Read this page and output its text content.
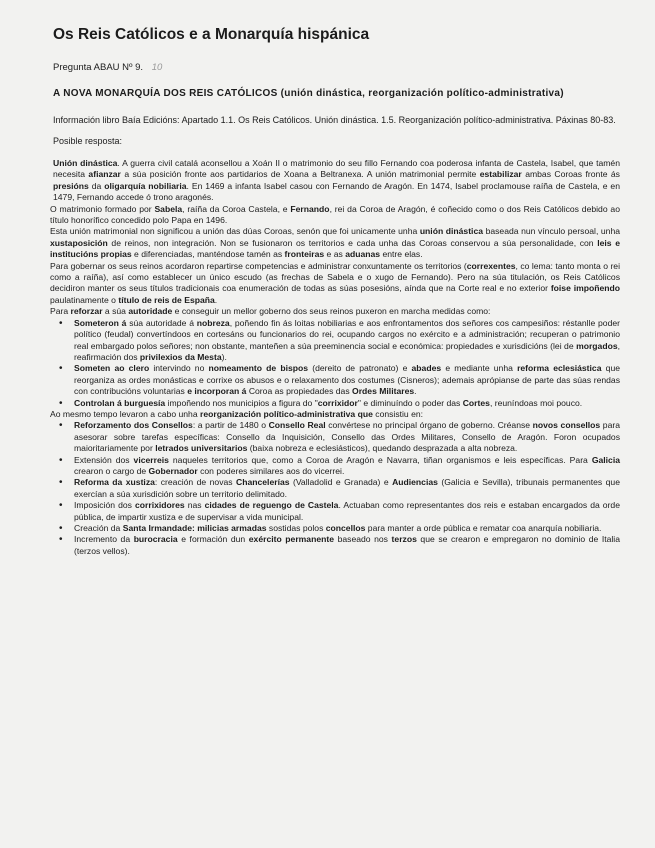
Os Reis Católicos e a Monarquía hispánica
Pregunta ABAU Nº 9. 10
A NOVA MONARQUÍA DOS REIS CATÓLICOS (unión dinástica, reorganización político-administrativa)
Información libro Baía Edicións: Apartado 1.1. Os Reis Católicos. Unión dinástica. 1.5. Reorganización político-administrativa. Páxinas 80-83.
Posible resposta:
Unión dinástica. A guerra civil catalá aconsellou a Xoán II o matrimonio do seu fillo Fernando coa poderosa infanta de Castela, Isabel, que tamén necesita afianzar a súa posición fronte aos partidarios de Xoana a Beltranexa. A unión matrimonial permite estabilizar ambas Coroas fronte ás presións da oligarquía nobiliaria. En 1469 a infanta Isabel casou con Fernando de Aragón. En 1474, Isabel proclamouse raíña de Castela, e en 1479, Fernando accede ó trono aragonés.
O matrimonio formado por Sabela, raíña da Coroa Castela, e Fernando, rei da Coroa de Aragón, é coñecido como o dos Reis Católicos debido ao título honorífico concedido polo Papa en 1496.
Esta unión matrimonial non significou a unión das dúas Coroas, senón que foi unicamente unha unión dinástica baseada nun vínculo persoal, unha xustaposición de reinos, non integración. Non se fusionaron os territorios e cada unha das Coroas conservou a súa personalidade, con leis e institucións propias e diferenciadas, manténdose tamén as fronteiras e as aduanas entre elas.
Para gobernar os seus reinos acordaron repartirse competencias e administrar conxuntamente os territorios (correxentes, co lema: tanto monta o rei como a raíña), así como establecer un único escudo (as frechas de Sabela e o xugo de Fernando). Pero na súa titulación, os Reis Católicos decidiron manter os seus títulos tradicionais coa enumeración de todas as súas posesións, aínda que na Corte real e no exterior foise impoñendo paulatinamente o título de reis de España.
Para reforzar a súa autoridade e conseguir un mellor goberno dos seus reinos puxeron en marcha medidas como:
• Someteron á súa autoridade á nobreza, poñendo fin ás loitas nobiliarias e aos enfrontamentos dos señores cos campesiños: réstanlle poder político (feudal) convertíndoos en cortesáns ou funcionarios do rei, ocupando cargos no exército e a administración; recuperan o patrimonio real embargado polos señores; non obstante, manteñen a súa preeminencia social e económica: propiedades e xurisdicións (lei de morgados, reafirmación dos privilexios da Mesta).
• Someten ao clero intervindo no nomeamento de bispos (dereito de patronato) e abades e mediante unha reforma eclesiástica que reorganiza as ordes monásticas e corrixe os abusos e o relaxamento dos costumes (Cisneros); ademais aprópianse de parte das súas rendas con contribucións voluntarias e incorporan á Coroa as propiedades das Ordes Militares.
• Controlan á burguesía impoñendo nos municipios a figura do "corrixidor" e diminuíndo o poder das Cortes, reuníndoas moi pouco.
Ao mesmo tempo levaron a cabo unha reorganización político-administrativa que consistiu en:
• Reforzamento dos Consellos: a partir de 1480 o Consello Real convértese no principal órgano de goberno. Créanse novos consellos para asesorar sobre tarefas específicas: Consello da Inquisición, Consello das Ordes Militares, Consello de Aragón. Foron ocupados maioritariamente por letrados universitarios (baixa nobreza e eclesiásticos), quedando desprazada a alta nobreza.
• Extensión dos vicerreis naqueles territorios que, como a Coroa de Aragón e Navarra, tiñan organismos e leis específicas. Para Galicia crearon o cargo de Gobernador con poderes similares aos do vicerrei.
• Reforma da xustiza: creación de novas Chancelerías (Valladolid e Granada) e Audiencias (Galicia e Sevilla), tribunais permanentes que exercían a súa xurisdición sobre un territorio delimitado.
• Imposición dos corrixidores nas cidades de reguengo de Castela. Actuaban como representantes dos reis e estaban encargados da orde pública, de impartir xustiza e de supervisar a vida municipal.
• Creación da Santa Irmandade: milicias armadas sostidas polos concellos para manter a orde pública e rematar coa anarquía nobiliaria.
• Incremento da burocracia e formación dun exército permanente baseado nos terzos que se crearon e empregaron no dominio de Italia (terzos vellos).
